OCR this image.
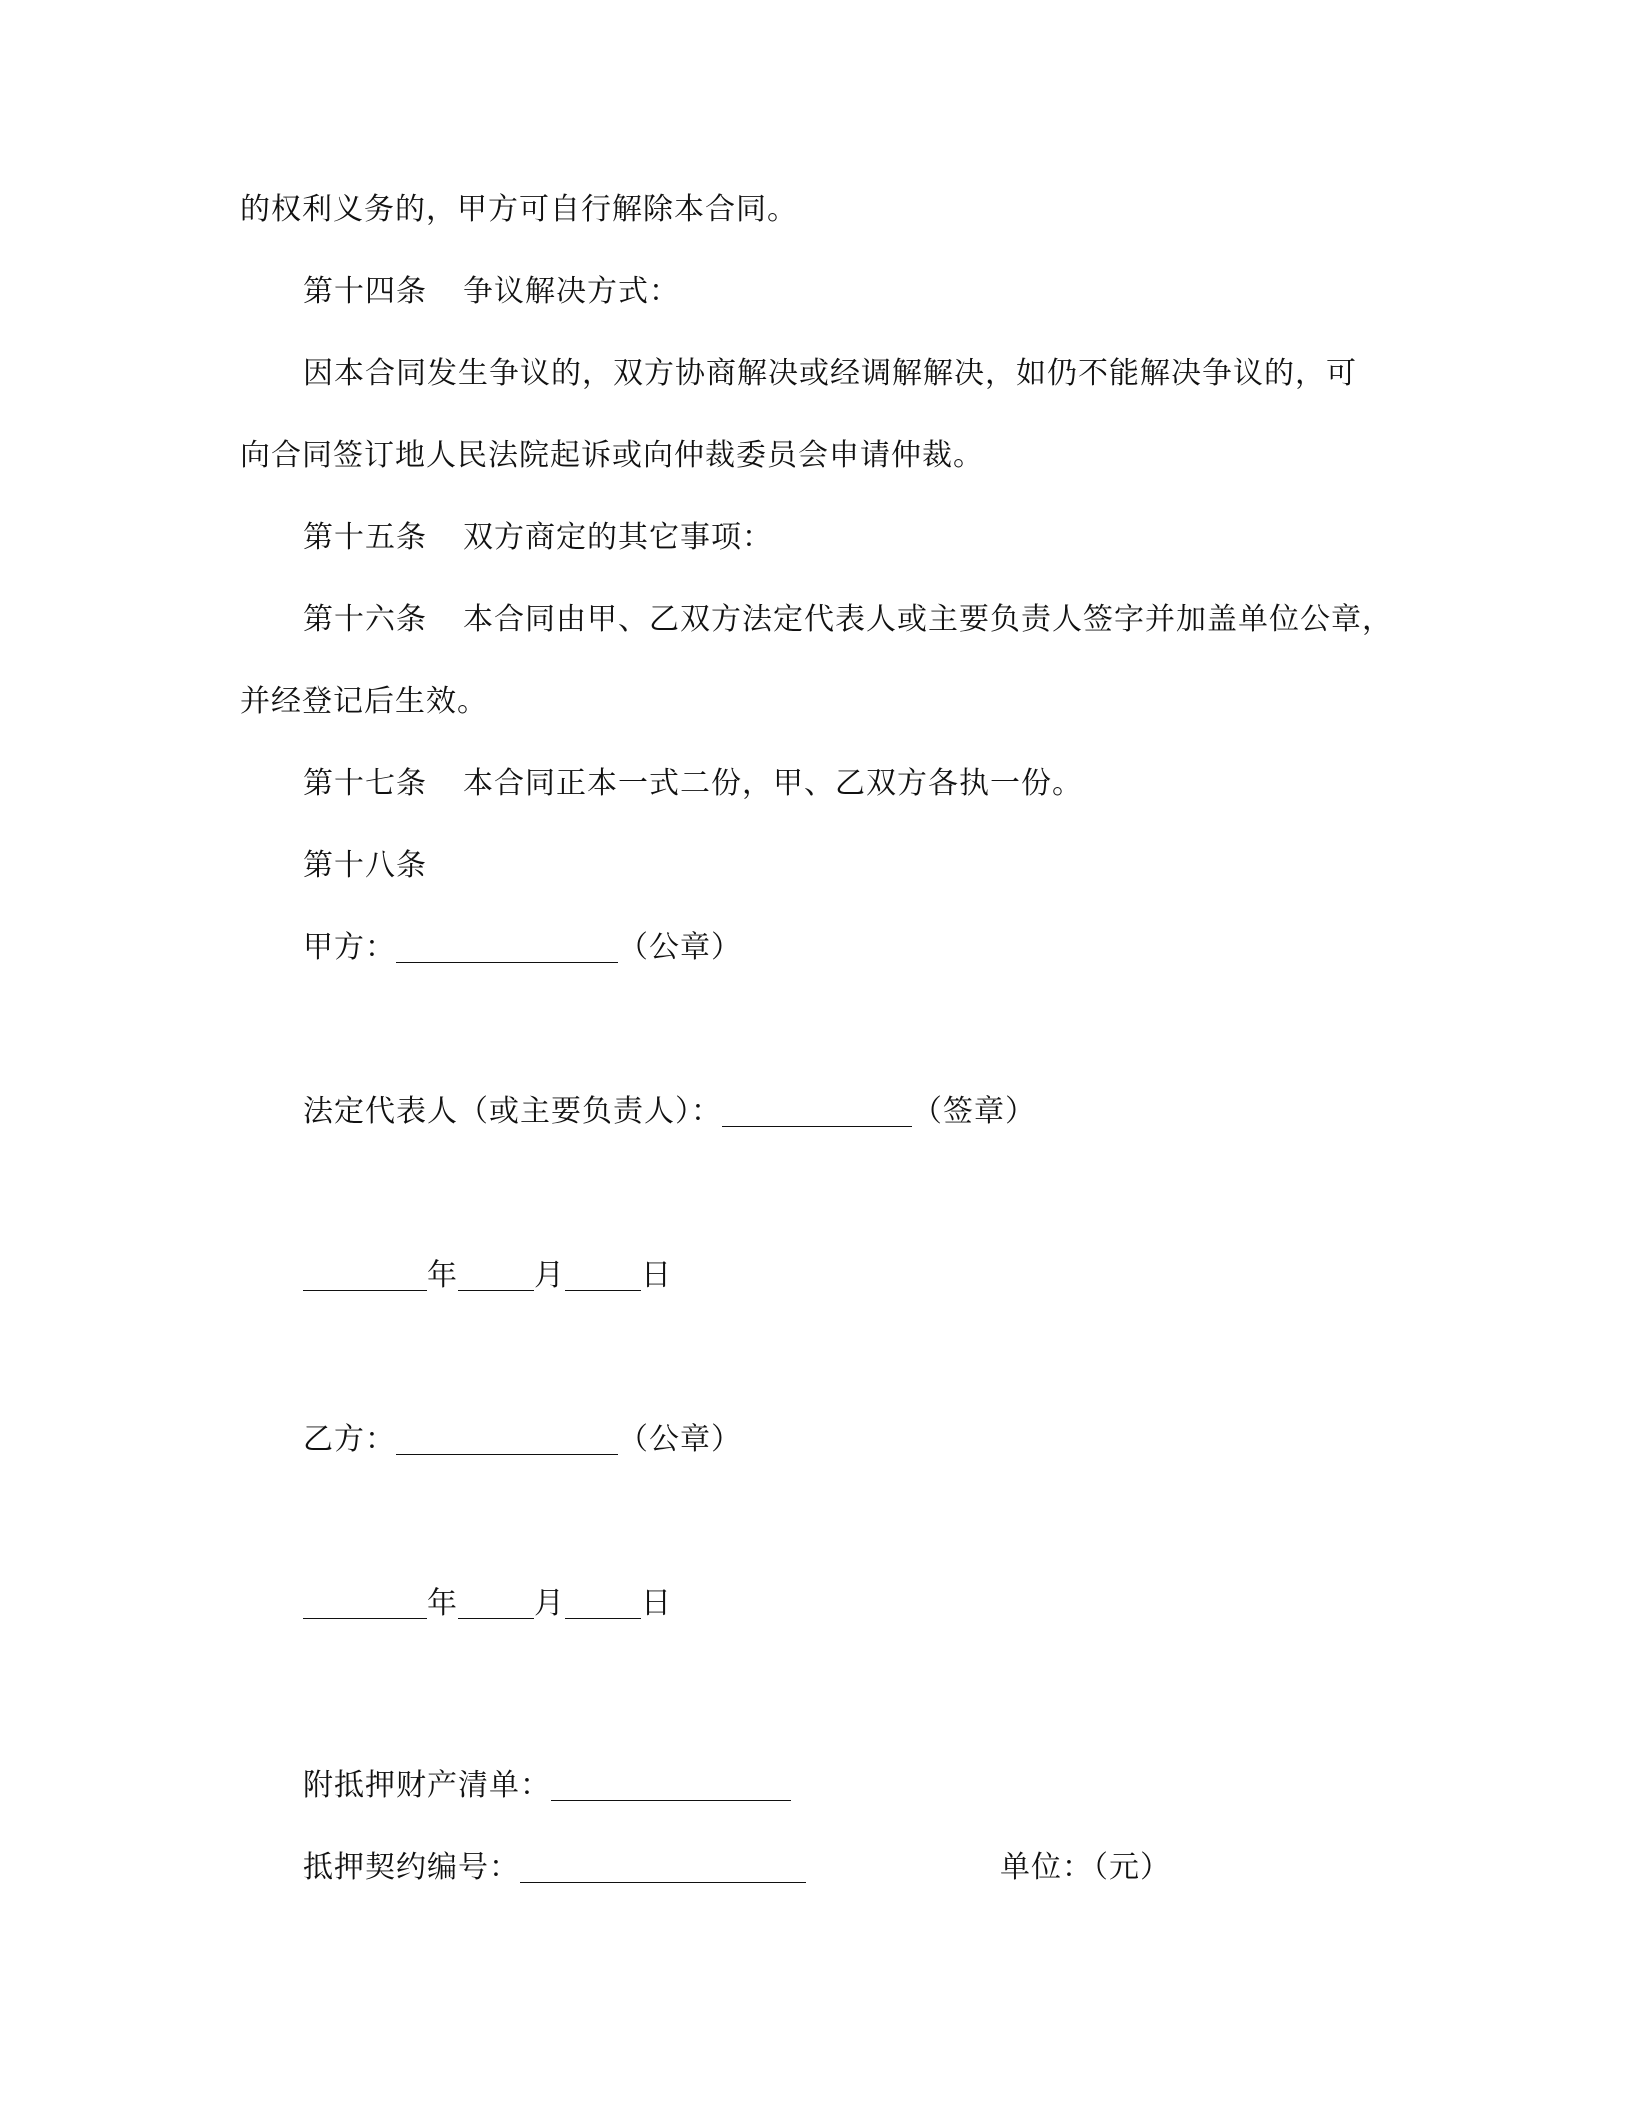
的权利义务的，甲方可自行解除本合同。
第十四条 争议解决方式：
因本合同发生争议的，双方协商解决或经调解解决，如仍不能解决争议的，可
向合同签订地人民法院起诉或向仲裁委员会申请仲裁。
第十五条 双方商定的其它事项：
第十六条 本合同由甲、乙双方法定代表人或主要负责人签字并加盖单位公章，
并经登记后生效。
第十七条 本合同正本一式二份，甲、乙双方各执一份。
第十八条
甲方：	（公章）
法定代表人（或主要负责人）：	（签章）
年	月	日
乙方：	（公章）
年	月	日
附抵押财产清单：
抵押契约编号：	单位：（元）
